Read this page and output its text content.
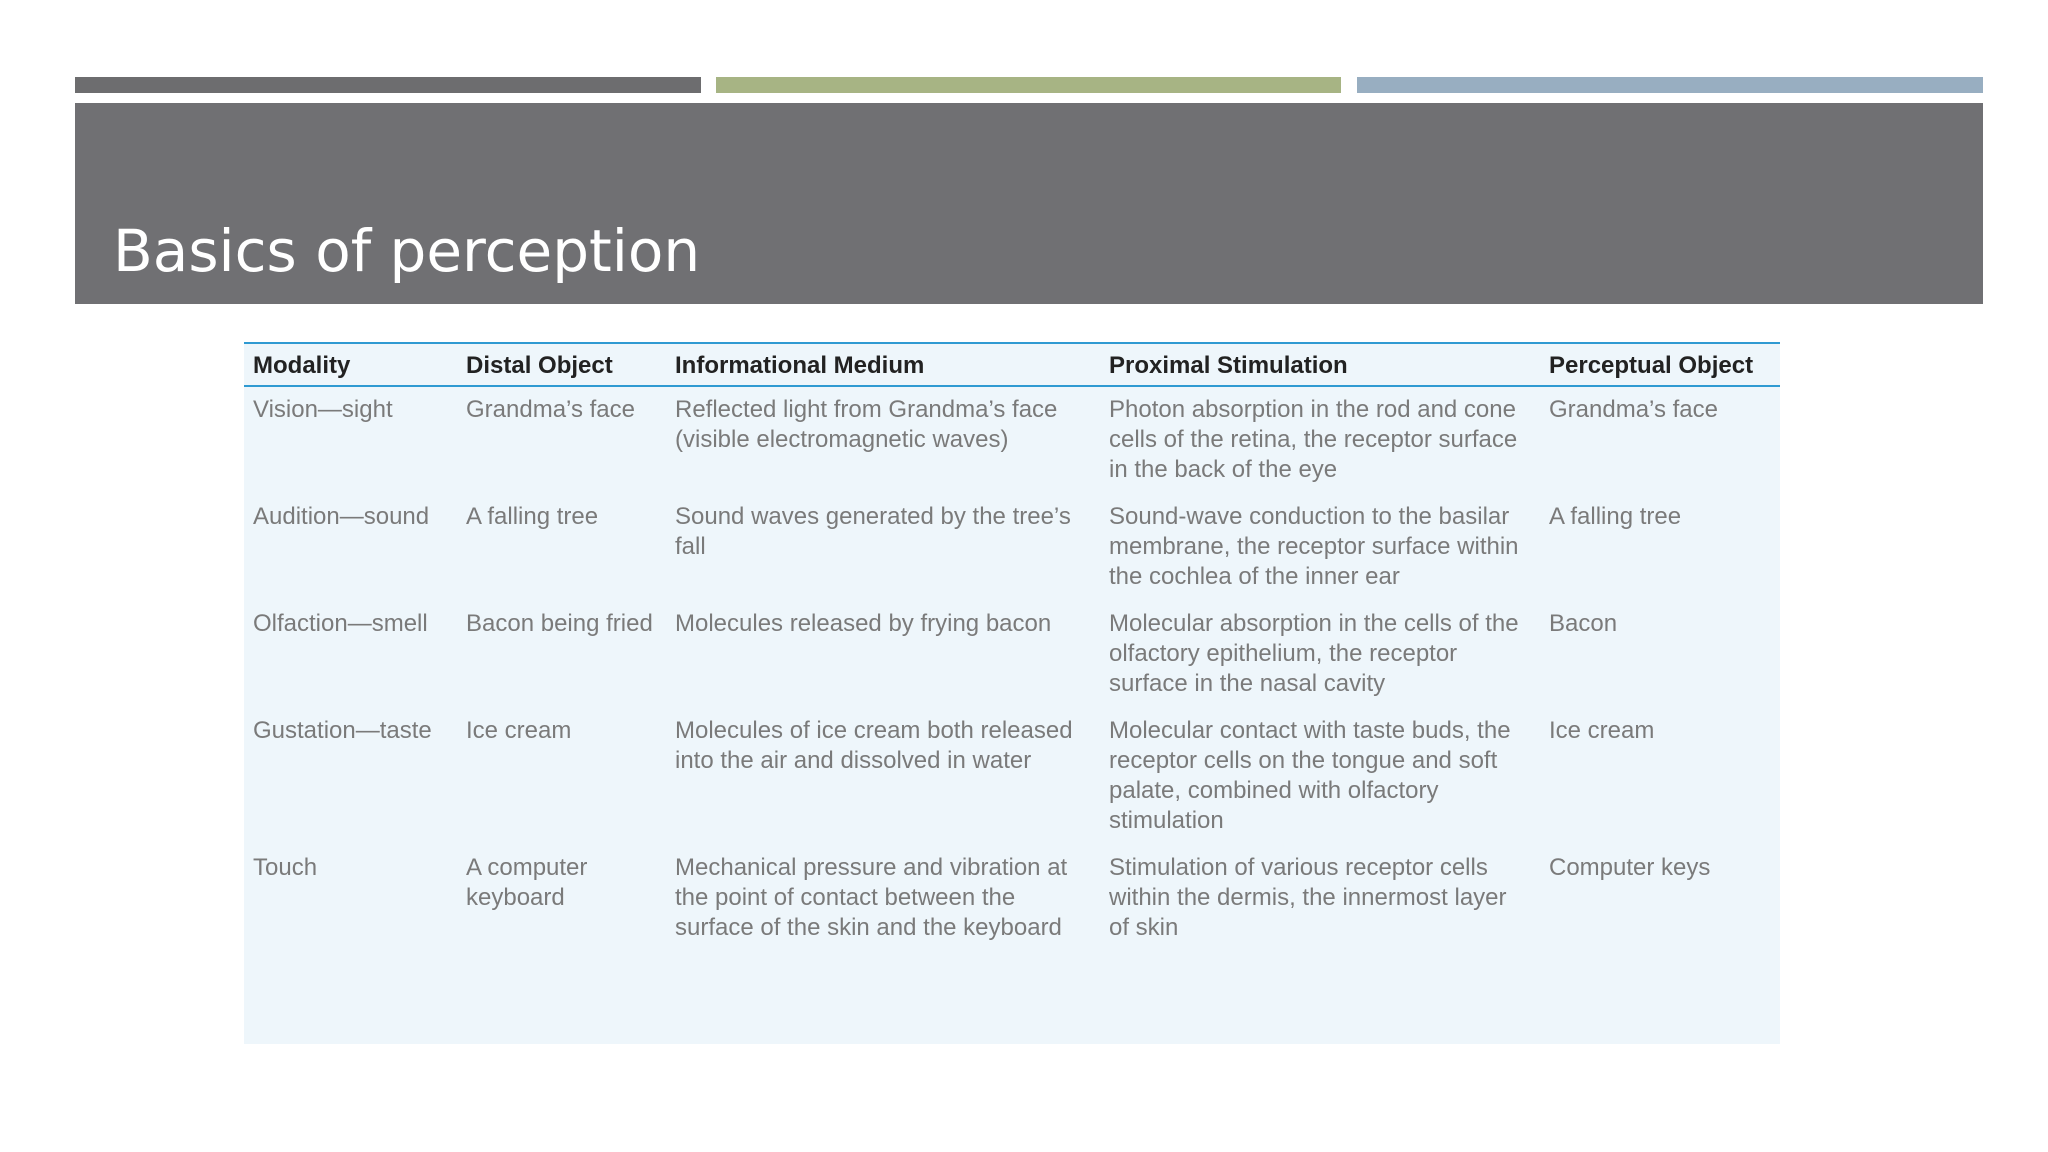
Basics of perception
Modality	Distal Object	Informational Medium	Proximal Stimulation	Perceptual Object
Vision—sight	Grandma’s face	Reflected light from Grandma’s face (visible electromagnetic waves)	Photon absorption in the rod and cone cells of the retina, the receptor surface in the back of the eye	Grandma’s face
Audition—sound	A falling tree	Sound waves generated by the tree’s fall	Sound-wave conduction to the basilar membrane, the receptor surface within the cochlea of the inner ear	A falling tree
Olfaction—smell	Bacon being fried	Molecules released by frying bacon	Molecular absorption in the cells of the olfactory epithelium, the receptor surface in the nasal cavity	Bacon
Gustation—taste	Ice cream	Molecules of ice cream both released into the air and dissolved in water	Molecular contact with taste buds, the receptor cells on the tongue and soft palate, combined with olfactory stimulation	Ice cream
Touch	A computer keyboard	Mechanical pressure and vibration at the point of contact between the surface of the skin and the keyboard	Stimulation of various receptor cells within the dermis, the innermost layer of skin	Computer keys
